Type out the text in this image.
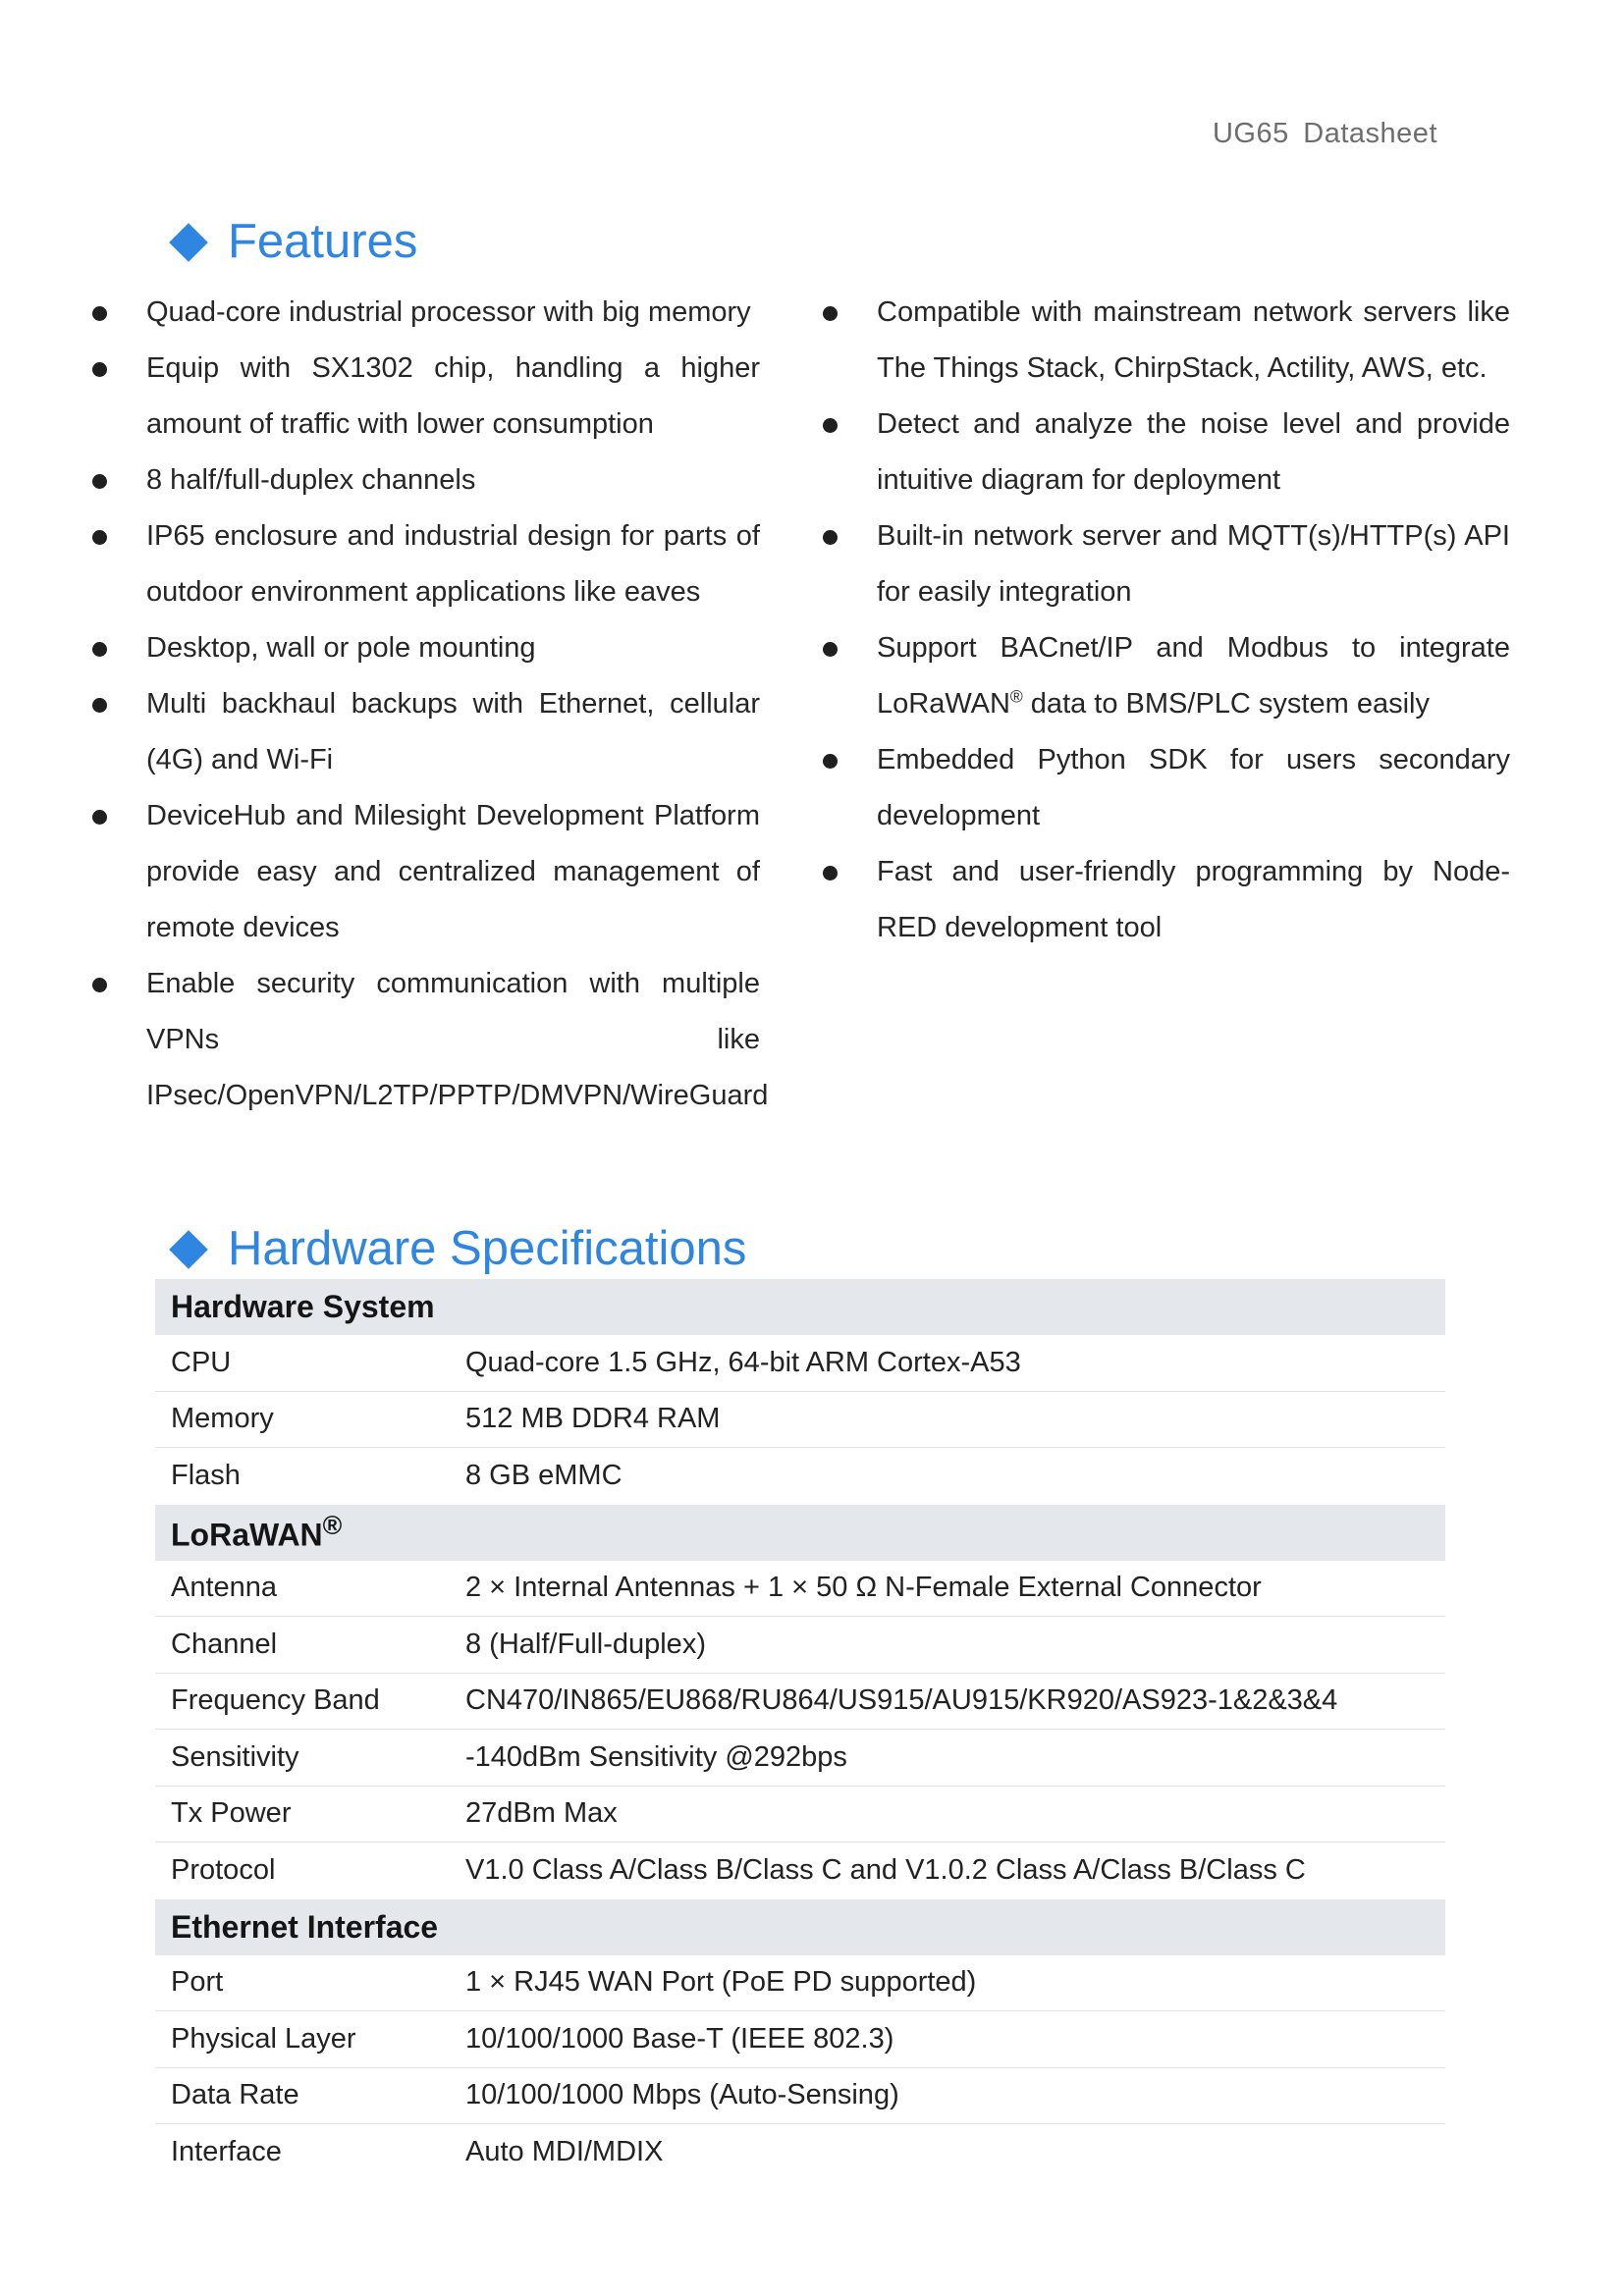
UG65 Datasheet
Features
Quad-core industrial processor with big memory
Equip with SX1302 chip, handling a higher amount of traffic with lower consumption
8 half/full-duplex channels
IP65 enclosure and industrial design for parts of outdoor environment applications like eaves
Desktop, wall or pole mounting
Multi backhaul backups with Ethernet, cellular (4G) and Wi-Fi
DeviceHub and Milesight Development Platform provide easy and centralized management of remote devices
Enable security communication with multiple VPNs like IPsec/OpenVPN/L2TP/PPTP/DMVPN/WireGuard
Compatible with mainstream network servers like The Things Stack, ChirpStack, Actility, AWS, etc.
Detect and analyze the noise level and provide intuitive diagram for deployment
Built-in network server and MQTT(s)/HTTP(s) API for easily integration
Support BACnet/IP and Modbus to integrate LoRaWAN® data to BMS/PLC system easily
Embedded Python SDK for users secondary development
Fast and user-friendly programming by Node-RED development tool
Hardware Specifications
Hardware System
CPU	Quad-core 1.5 GHz, 64-bit ARM Cortex-A53
Memory	512 MB DDR4 RAM
Flash	8 GB eMMC
LoRaWAN®
Antenna	2 × Internal Antennas + 1 × 50 Ω N-Female External Connector
Channel	8 (Half/Full-duplex)
Frequency Band	CN470/IN865/EU868/RU864/US915/AU915/KR920/AS923-1&2&3&4
Sensitivity	-140dBm Sensitivity @292bps
Tx Power	27dBm Max
Protocol	V1.0 Class A/Class B/Class C and V1.0.2 Class A/Class B/Class C
Ethernet Interface
Port	1 × RJ45 WAN Port (PoE PD supported)
Physical Layer	10/100/1000 Base-T (IEEE 802.3)
Data Rate	10/100/1000 Mbps (Auto-Sensing)
Interface	Auto MDI/MDIX
